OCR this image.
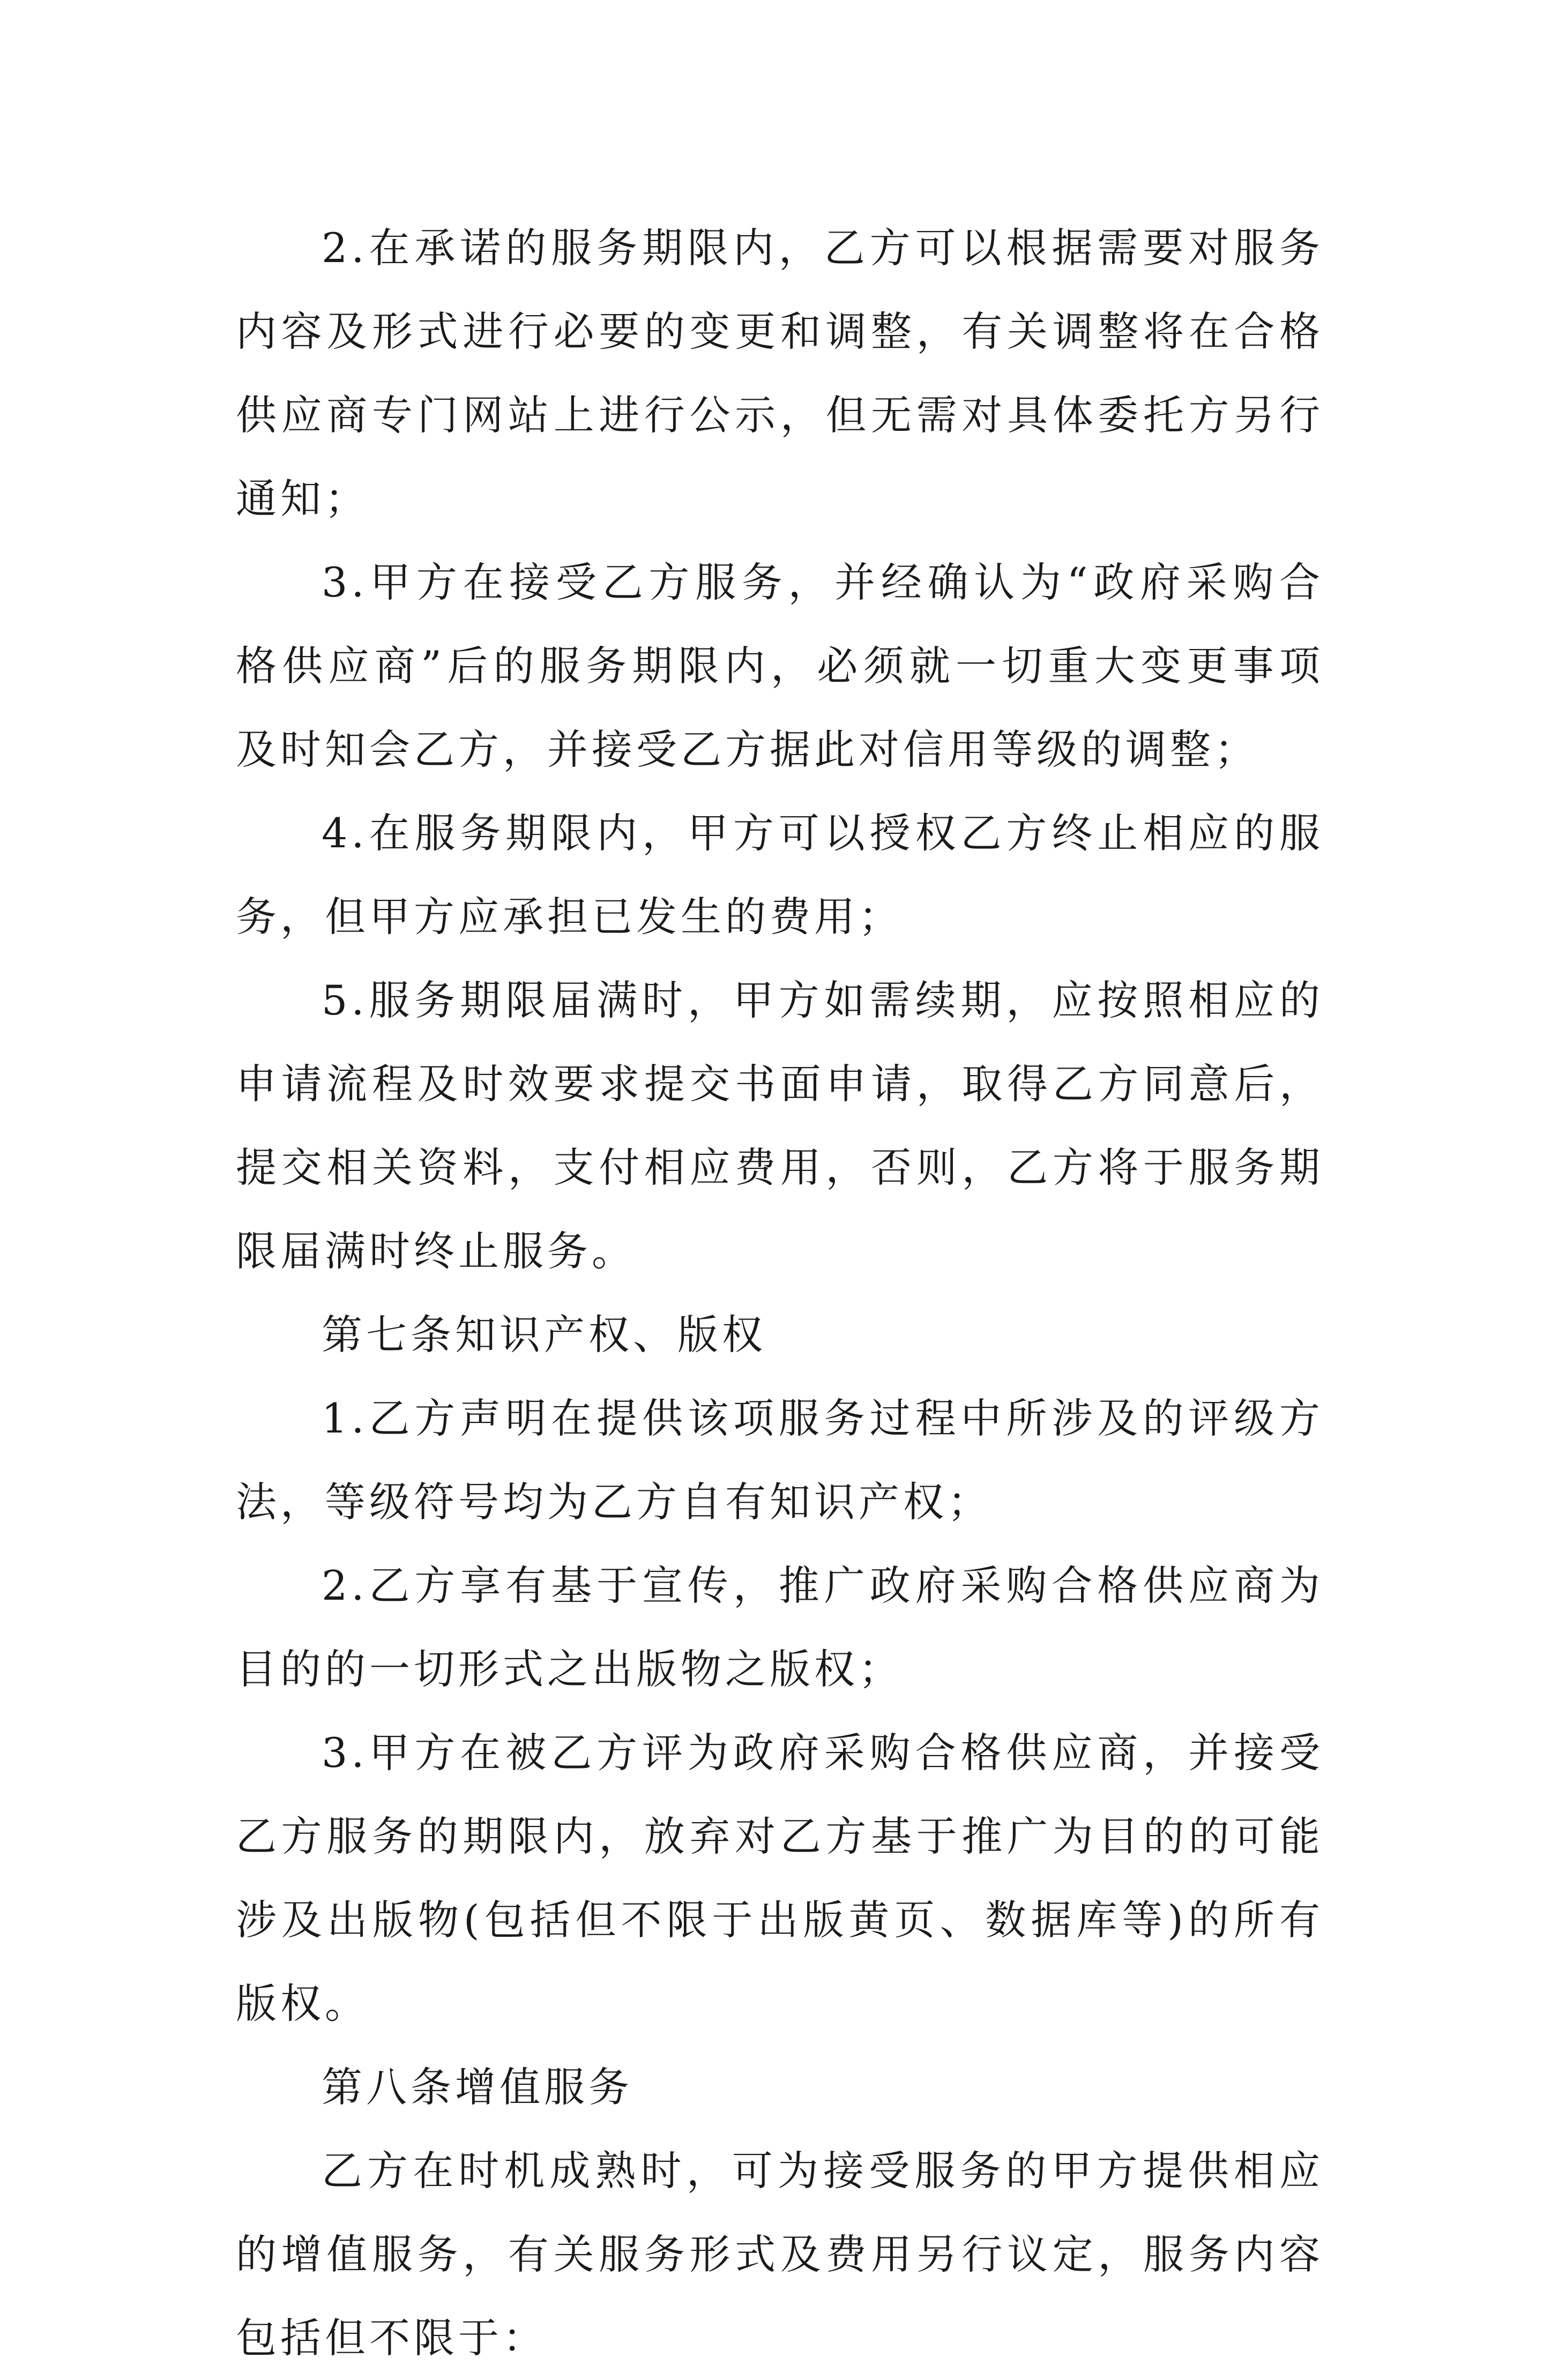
2.在承诺的服务期限内，乙方可以根据需要对服务内容及形式进行必要的变更和调整，有关调整将在合格供应商专门网站上进行公示，但无需对具体委托方另行通知；

3.甲方在接受乙方服务，并经确认为“政府采购合格供应商”后的服务期限内，必须就一切重大变更事项及时知会乙方，并接受乙方据此对信用等级的调整；

4.在服务期限内，甲方可以授权乙方终止相应的服务，但甲方应承担已发生的费用；

5.服务期限届满时，甲方如需续期，应按照相应的申请流程及时效要求提交书面申请，取得乙方同意后，提交相关资料，支付相应费用，否则，乙方将于服务期限届满时终止服务。

第七条知识产权、版权

1.乙方声明在提供该项服务过程中所涉及的评级方法，等级符号均为乙方自有知识产权；

2.乙方享有基于宣传，推广政府采购合格供应商为目的的一切形式之出版物之版权；

3.甲方在被乙方评为政府采购合格供应商，并接受乙方服务的期限内，放弃对乙方基于推广为目的的可能涉及出版物(包括但不限于出版黄页、数据库等)的所有版权。

第八条增值服务

乙方在时机成熟时，可为接受服务的甲方提供相应的增值服务，有关服务形式及费用另行议定，服务内容包括但不限于：
